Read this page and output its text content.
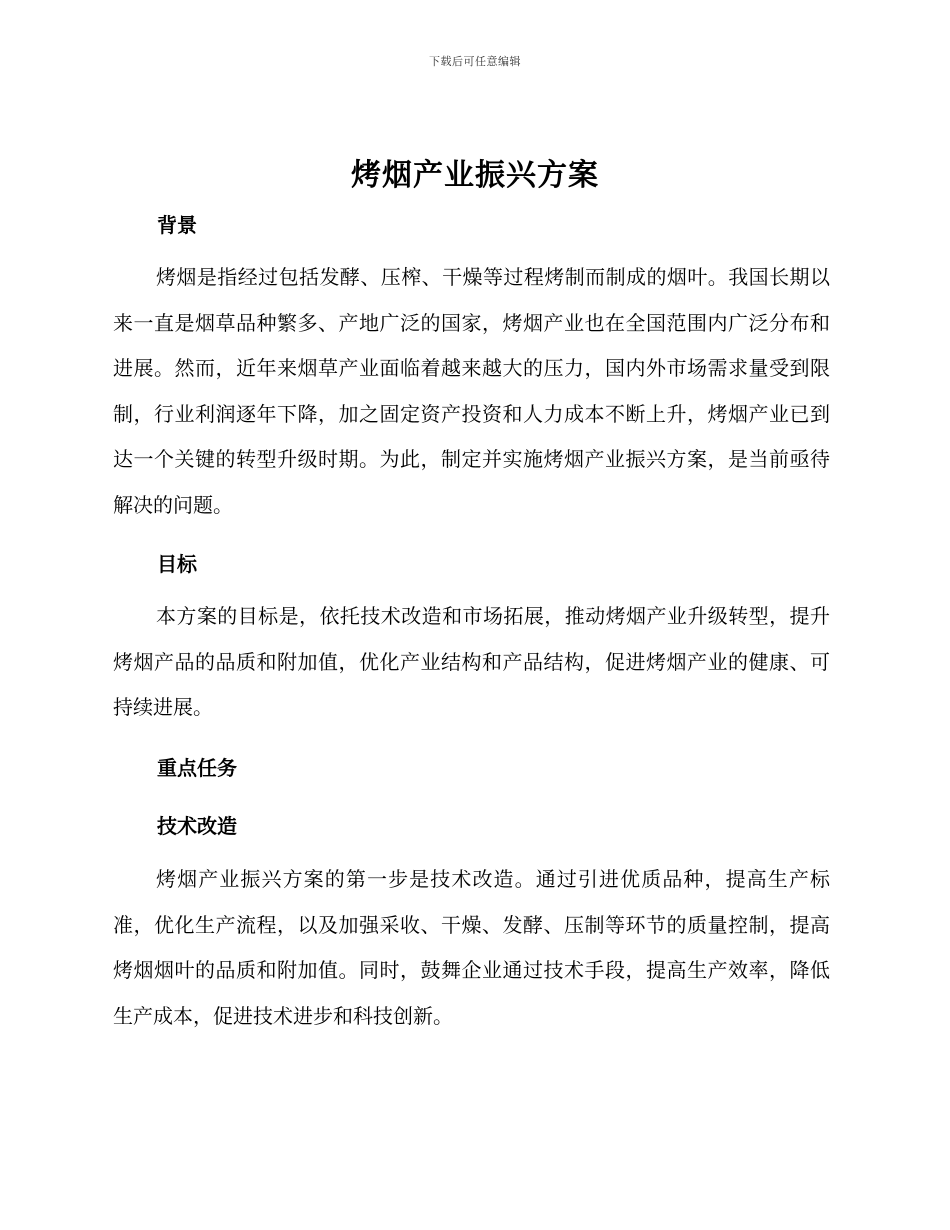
下载后可任意编辑
烤烟产业振兴方案
背景

烤烟是指经过包括发酵、压榨、干燥等过程烤制而制成的烟叶。我国长期以来一直是烟草品种繁多、产地广泛的国家，烤烟产业也在全国范围内广泛分布和进展。然而，近年来烟草产业面临着越来越大的压力，国内外市场需求量受到限制，行业利润逐年下降，加之固定资产投资和人力成本不断上升，烤烟产业已到达一个关键的转型升级时期。为此，制定并实施烤烟产业振兴方案，是当前亟待解决的问题。

目标

本方案的目标是，依托技术改造和市场拓展，推动烤烟产业升级转型，提升烤烟产品的品质和附加值，优化产业结构和产品结构，促进烤烟产业的健康、可持续进展。

重点任务
技术改造

烤烟产业振兴方案的第一步是技术改造。通过引进优质品种，提高生产标准，优化生产流程，以及加强采收、干燥、发酵、压制等环节的质量控制，提高烤烟烟叶的品质和附加值。同时，鼓舞企业通过技术手段，提高生产效率，降低生产成本，促进技术进步和科技创新。
